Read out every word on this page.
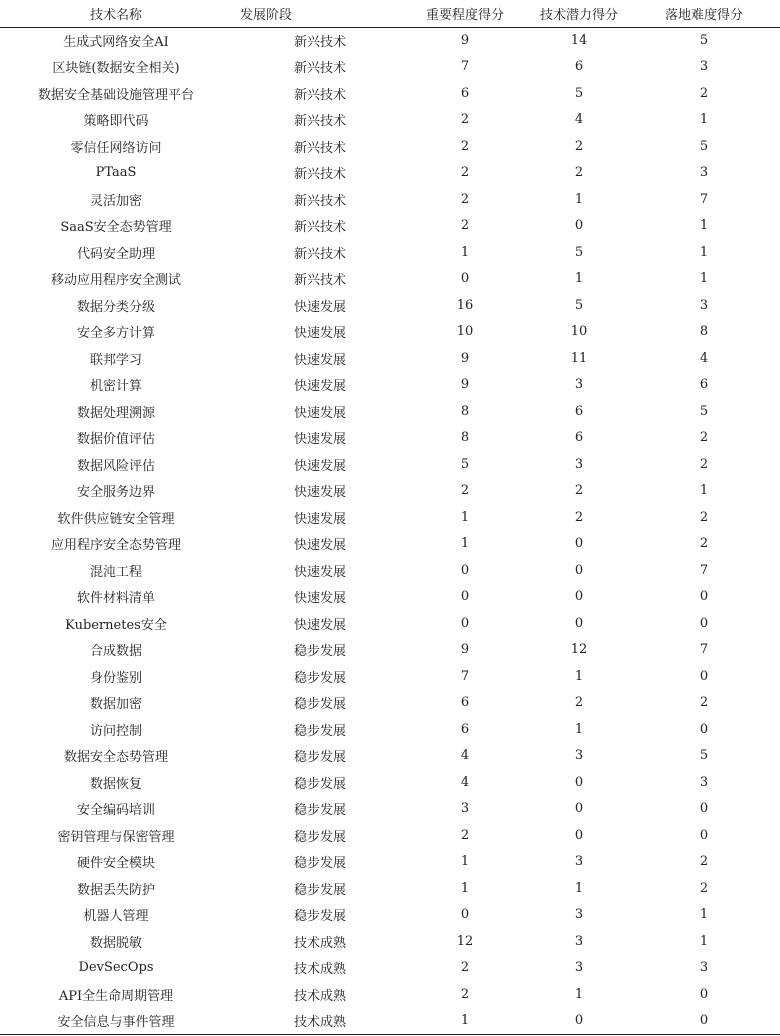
技术名称	发展阶段	重要程度得分	技术潜力得分	落地难度得分
生成式网络安全AI	新兴技术	9	14	5
区块链(数据安全相关)	新兴技术	7	6	3
数据安全基础设施管理平台	新兴技术	6	5	2
策略即代码	新兴技术	2	4	1
零信任网络访问	新兴技术	2	2	5
PTaaS	新兴技术	2	2	3
灵活加密	新兴技术	2	1	7
SaaS安全态势管理	新兴技术	2	0	1
代码安全助理	新兴技术	1	5	1
移动应用程序安全测试	新兴技术	0	1	1
数据分类分级	快速发展	16	5	3
安全多方计算	快速发展	10	10	8
联邦学习	快速发展	9	11	4
机密计算	快速发展	9	3	6
数据处理溯源	快速发展	8	6	5
数据价值评估	快速发展	8	6	2
数据风险评估	快速发展	5	3	2
安全服务边界	快速发展	2	2	1
软件供应链安全管理	快速发展	1	2	2
应用程序安全态势管理	快速发展	1	0	2
混沌工程	快速发展	0	0	7
软件材料清单	快速发展	0	0	0
Kubernetes安全	快速发展	0	0	0
合成数据	稳步发展	9	12	7
身份鉴别	稳步发展	7	1	0
数据加密	稳步发展	6	2	2
访问控制	稳步发展	6	1	0
数据安全态势管理	稳步发展	4	3	5
数据恢复	稳步发展	4	0	3
安全编码培训	稳步发展	3	0	0
密钥管理与保密管理	稳步发展	2	0	0
硬件安全模块	稳步发展	1	3	2
数据丢失防护	稳步发展	1	1	2
机器人管理	稳步发展	0	3	1
数据脱敏	技术成熟	12	3	1
DevSecOps	技术成熟	2	3	3
API全生命周期管理	技术成熟	2	1	0
安全信息与事件管理	技术成熟	1	0	0
